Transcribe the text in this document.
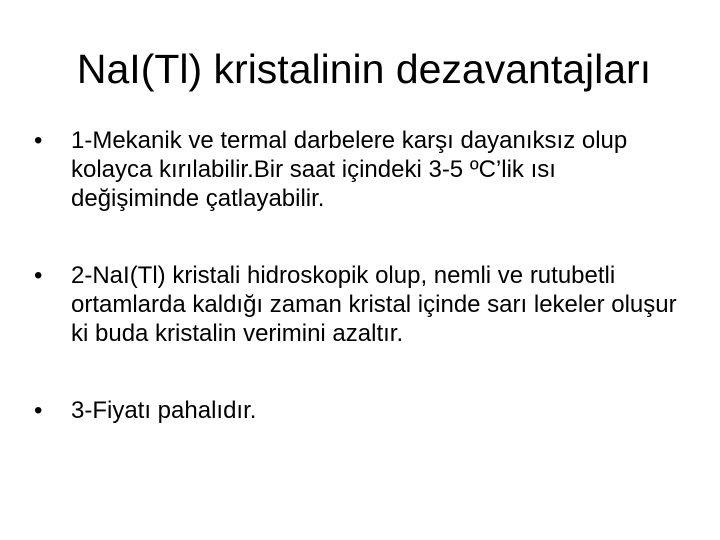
NaI(Tl) kristalinin dezavantajları
•	1-Mekanik ve termal darbelere karşı dayanıksız olup kolayca kırılabilir.Bir saat içindeki 3-5 ºC’lik ısı değişiminde çatlayabilir.
•	2-NaI(Tl) kristali hidroskopik olup, nemli ve rutubetli ortamlarda kaldığı zaman kristal içinde sarı lekeler oluşur ki buda kristalin verimini azaltır.
•	3-Fiyatı pahalıdır.
